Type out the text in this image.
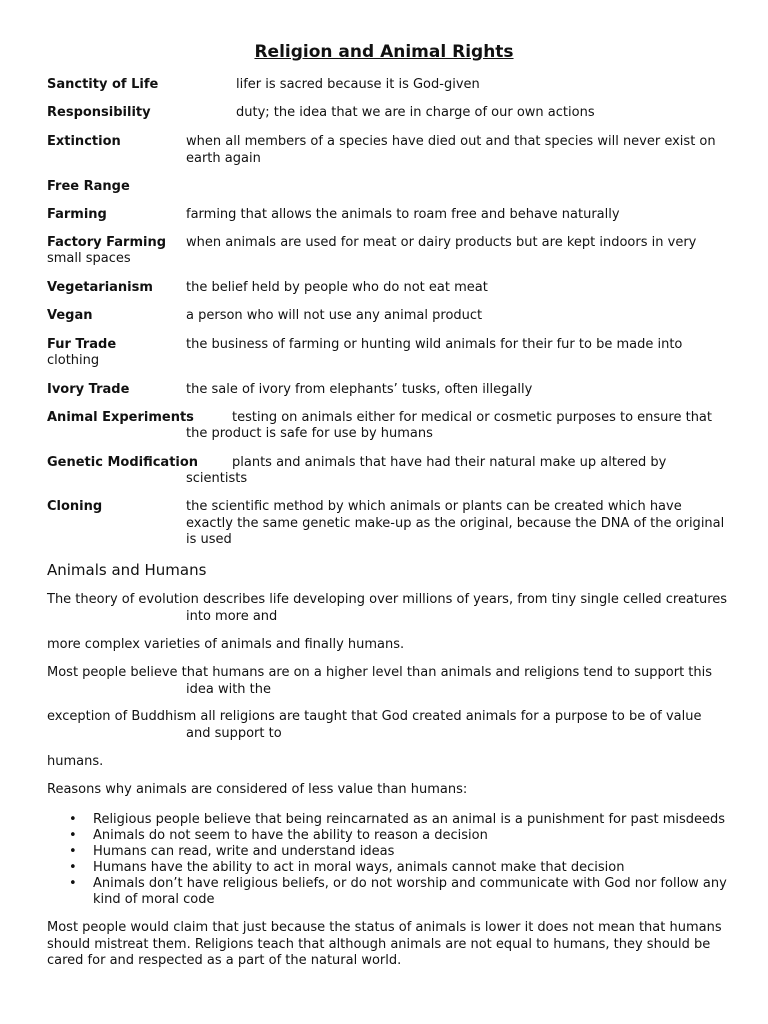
Religion and Animal Rights
Sanctity of Life	lifer is sacred because it is God-given
Responsibility	duty; the idea that we are in charge of our own actions
Extinction	when all members of a species have died out and that species will never exist on earth again
Free Range
Farming	farming that allows the animals to roam free and behave naturally
Factory Farming when animals are used for meat or dairy products but are kept indoors in very
small spaces
Vegetarianism	the belief held by people who do not eat meat
Vegan	a person who will not use any animal product
Fur Trade	the business of farming or hunting wild animals for their fur to be made into
clothing
Ivory Trade	the sale of ivory from elephants’ tusks, often illegally
Animal Experiments	testing on animals either for medical or cosmetic purposes to ensure that
the product is safe for use by humans
Genetic Modification	plants and animals that have had their natural make up altered by
scientists
Cloning	the scientific method by which animals or plants can be created which have exactly the same genetic make-up as the original, because the DNA of the original is used
Animals and Humans
The theory of evolution describes life developing over millions of years, from tiny single celled creatures
into more and
more complex varieties of animals and finally humans.
Most people believe that humans are on a higher level than animals and religions tend to support this
idea with the
exception of Buddhism all religions are taught that God created animals for a purpose to be of value
and support to
humans.
Reasons why animals are considered of less value than humans:
• Religious people believe that being reincarnated as an animal is a punishment for past misdeeds
• Animals do not seem to have the ability to reason a decision
• Humans can read, write and understand ideas
• Humans have the ability to act in moral ways, animals cannot make that decision
• Animals don’t have religious beliefs, or do not worship and communicate with God nor follow any kind of moral code
Most people would claim that just because the status of animals is lower it does not mean that humans should mistreat them. Religions teach that although animals are not equal to humans, they should be cared for and respected as a part of the natural world.
